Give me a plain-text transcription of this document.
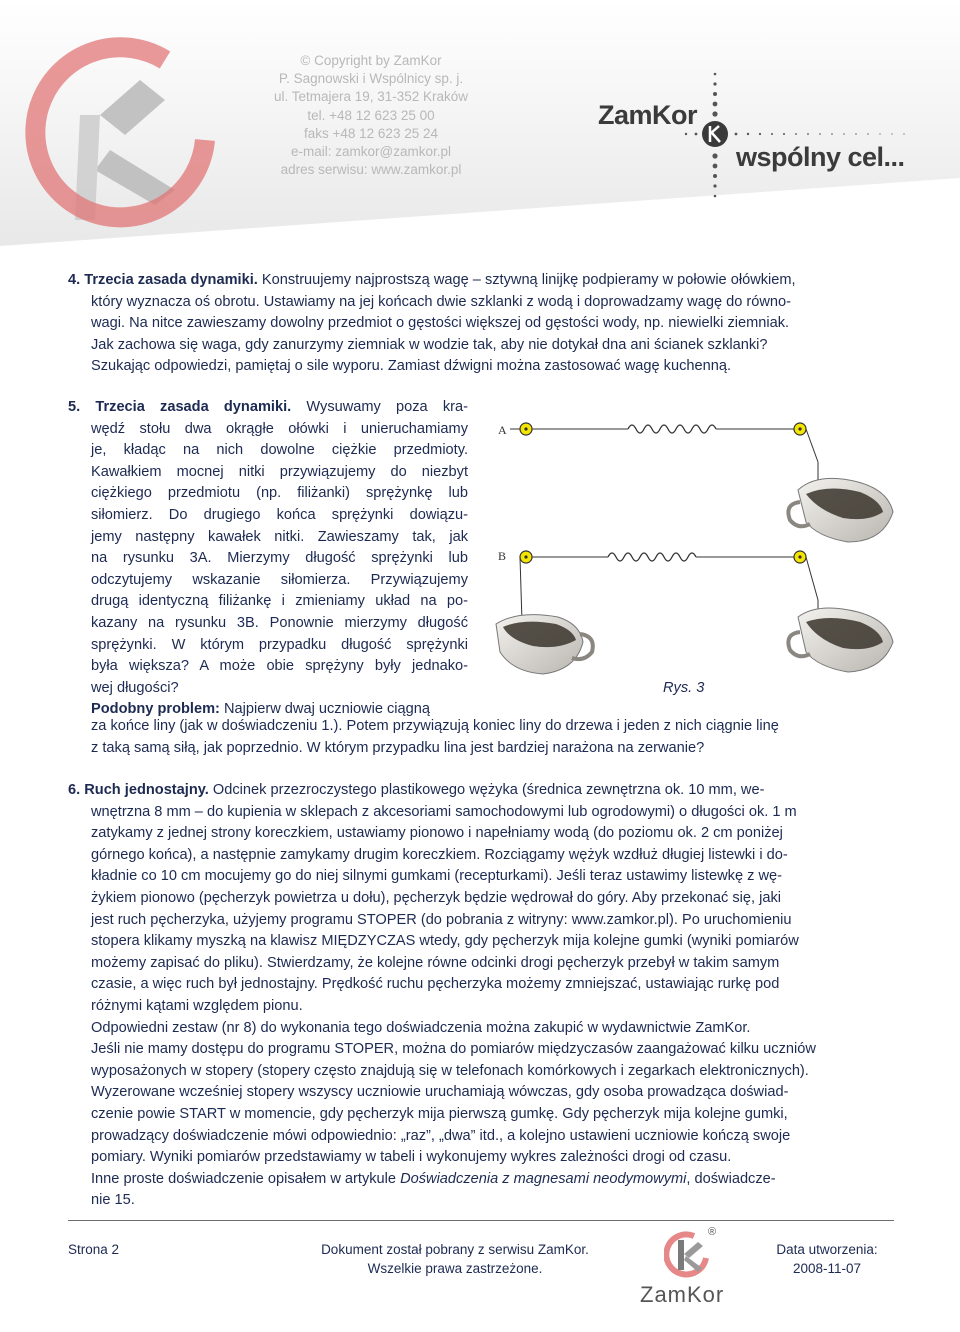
© Copyright by ZamKor
P. Sagnowski i Wspólnicy sp. j.
ul. Tetmajera 19, 31-352 Kraków
tel. +48 12 623 25 00
faks +48 12 623 25 24
e-mail: zamkor@zamkor.pl
adres serwisu: www.zamkor.pl
ZamKor
wspólny cel...
4. Trzecia zasada dynamiki. Konstruujemy najprostszą wagę – sztywną linijkę podpieramy w połowie ołówkiem,
który wyznacza oś obrotu. Ustawiamy na jej końcach dwie szklanki z wodą i doprowadzamy wagę do równo-
wagi. Na nitce zawieszamy dowolny przedmiot o gęstości większej od gęstości wody, np. niewielki ziemniak.
Jak zachowa się waga, gdy zanurzymy ziemniak w wodzie tak, aby nie dotykał dna ani ścianek szklanki?
Szukając odpowiedzi, pamiętaj o sile wyporu. Zamiast dźwigni można zastosować wagę kuchenną.
5. Trzecia zasada dynamiki. Wysuwamy poza kra-
wędź stołu dwa okrągłe ołówki i unieruchamiamy
je, kładąc na nich dowolne ciężkie przedmioty.
Kawałkiem mocnej nitki przywiązujemy do niezbyt
ciężkiego przedmiotu (np. filiżanki) sprężynkę lub
siłomierz. Do drugiego końca sprężynki dowiązu-
jemy następny kawałek nitki. Zawieszamy tak, jak
na rysunku 3A. Mierzymy długość sprężynki lub
odczytujemy wskazanie siłomierza. Przywiązujemy
drugą identyczną filiżankę i zmieniamy układ na po-
kazany na rysunku 3B. Ponownie mierzymy długość
sprężynki. W którym przypadku długość sprężynki
była większa? A może obie sprężyny były jednako-
wej długości?
Podobny problem: Najpierw dwaj uczniowie ciągną
za końce liny (jak w doświadczeniu 1.). Potem przywiązują koniec liny do drzewa i jeden z nich ciągnie linę
z taką samą siłą, jak poprzednio. W którym przypadku lina jest bardziej narażona na zerwanie?
A
B
Rys. 3
6. Ruch jednostajny. Odcinek przezroczystego plastikowego wężyka (średnica zewnętrzna ok. 10 mm, we-
wnętrzna 8 mm – do kupienia w sklepach z akcesoriami samochodowymi lub ogrodowymi) o długości ok. 1 m
zatykamy z jednej strony koreczkiem, ustawiamy pionowo i napełniamy wodą (do poziomu ok. 2 cm poniżej
górnego końca), a następnie zamykamy drugim koreczkiem. Rozciągamy wężyk wzdłuż długiej listewki i do-
kładnie co 10 cm mocujemy go do niej silnymi gumkami (recepturkami). Jeśli teraz ustawimy listewkę z wę-
żykiem pionowo (pęcherzyk powietrza u dołu), pęcherzyk będzie wędrował do góry. Aby przekonać się, jaki
jest ruch pęcherzyka, użyjemy programu STOPER (do pobrania z witryny: www.zamkor.pl). Po uruchomieniu
stopera klikamy myszką na klawisz MIĘDZYCZAS wtedy, gdy pęcherzyk mija kolejne gumki (wyniki pomiarów
możemy zapisać do pliku). Stwierdzamy, że kolejne równe odcinki drogi pęcherzyk przebył w takim samym
czasie, a więc ruch był jednostajny. Prędkość ruchu pęcherzyka możemy zmniejszać, ustawiając rurkę pod
różnymi kątami względem pionu.
Odpowiedni zestaw (nr 8) do wykonania tego doświadczenia można zakupić w wydawnictwie ZamKor.
Jeśli nie mamy dostępu do programu STOPER, można do pomiarów międzyczasów zaangażować kilku uczniów
wyposażonych w stopery (stopery często znajdują się w telefonach komórkowych i zegarkach elektronicznych).
Wyzerowane wcześniej stopery wszyscy uczniowie uruchamiają wówczas, gdy osoba prowadząca doświad-
czenie powie START w momencie, gdy pęcherzyk mija pierwszą gumkę. Gdy pęcherzyk mija kolejne gumki,
prowadzący doświadczenie mówi odpowiednio: „raz”, „dwa” itd., a kolejno ustawieni uczniowie kończą swoje
pomiary. Wyniki pomiarów przedstawiamy w tabeli i wykonujemy wykres zależności drogi od czasu.
Inne proste doświadczenie opisałem w artykule Doświadczenia z magnesami neodymowymi, doświadcze-
nie 15.
Strona 2	Dokument został pobrany z serwisu ZamKor.
Wszelkie prawa zastrzeżone.
®
ZamKor
Data utworzenia:
2008-11-07
